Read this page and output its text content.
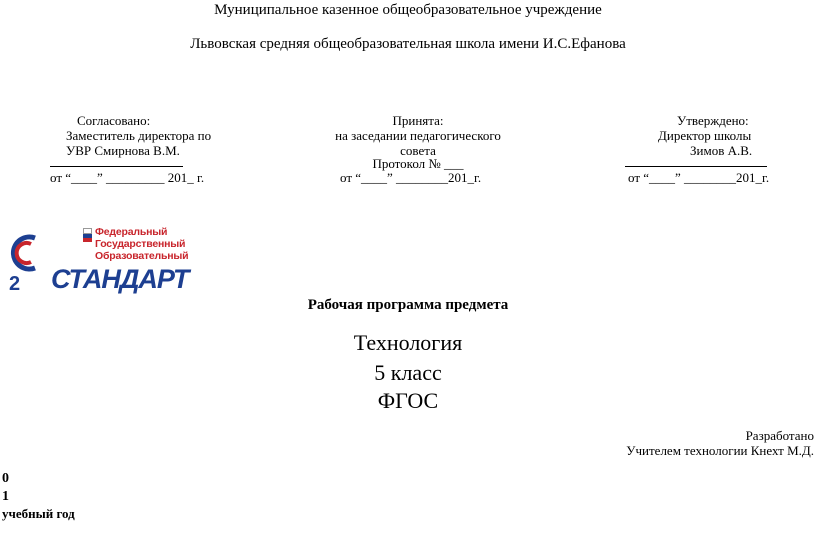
Муниципальное казенное общеобразовательное учреждение
Львовская средняя общеобразовательная школа имени И.С.Ефанова
Согласовано:
Заместитель директора по
УВР Смирнова В.М.
от “____” _________ 201_ г.
Принята:
на заседании педагогического
совета
Протокол № ___
от “____” ________201_г.
Утверждено:
Директор школы
Зимов А.В.
от “____” ________201_г.
2
Федеральный
Государственный
Образовательный
СТАНДАРТ
Рабочая программа предмета
Технология
5 класс
ФГОС
Разработано
Учителем технологии Кнехт М.Д.
0
1
учебный год
